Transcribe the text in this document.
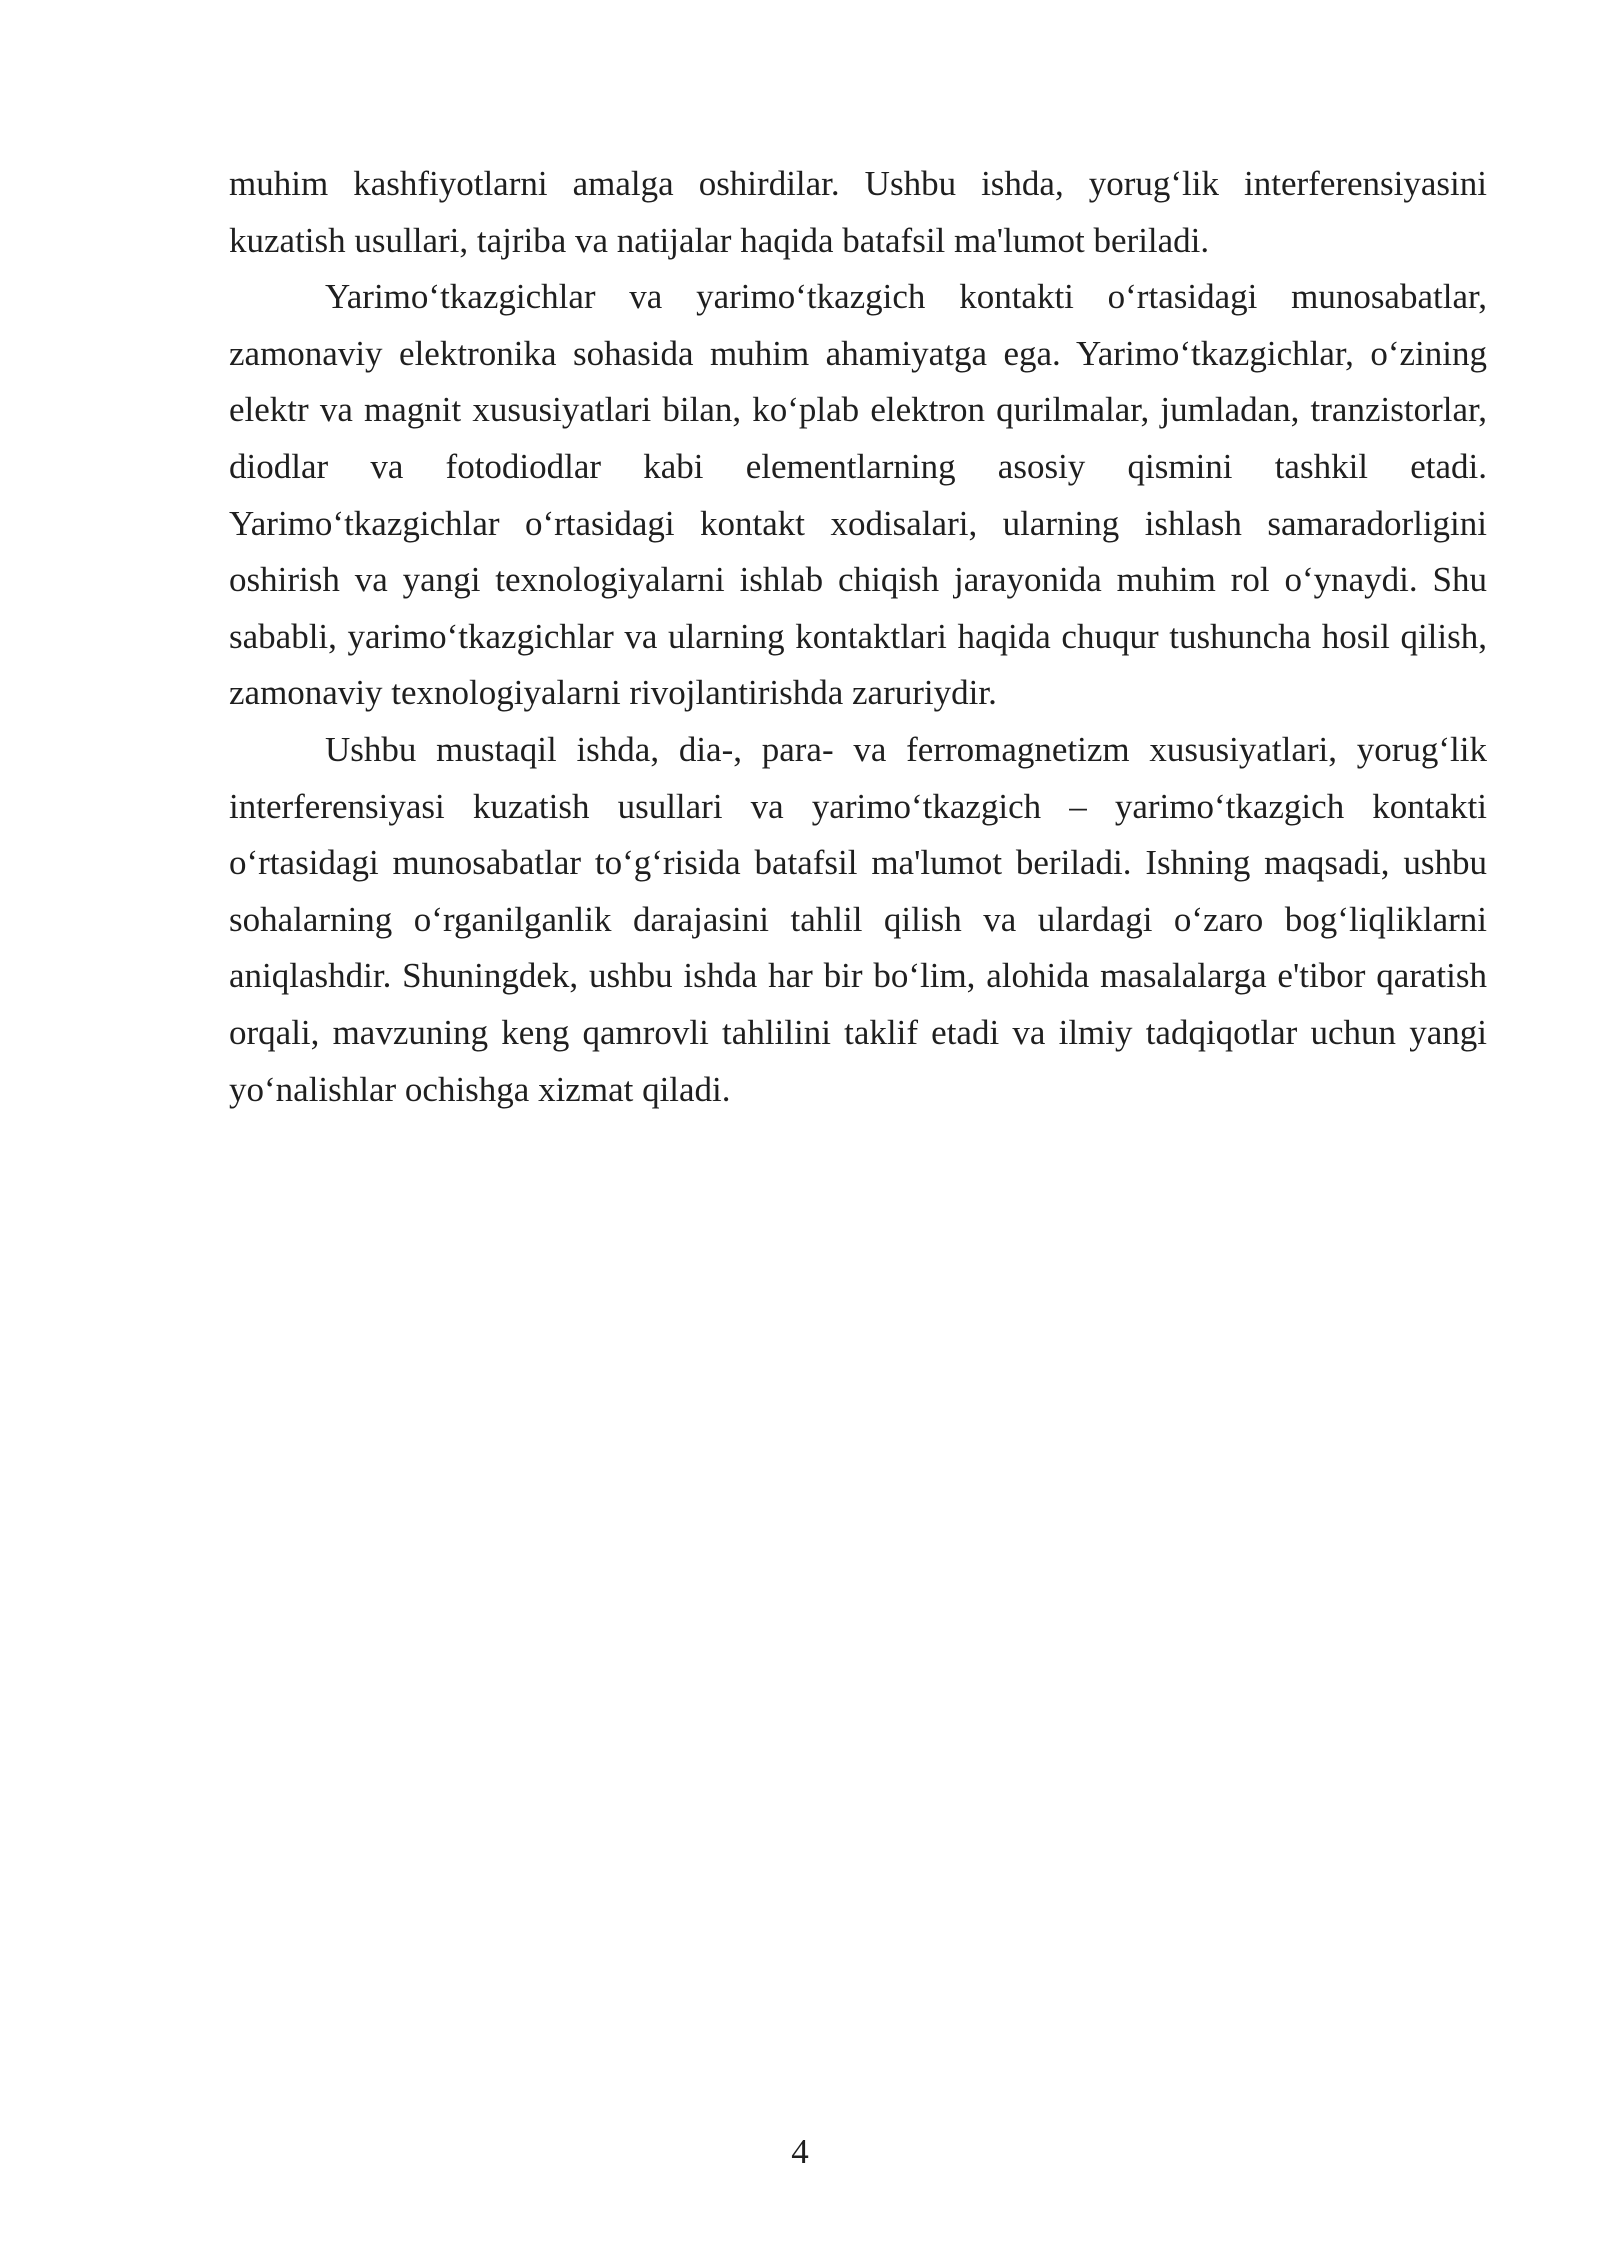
muhim kashfiyotlarni amalga oshirdilar. Ushbu ishda, yorug‘lik interferensiyasini kuzatish usullari, tajriba va natijalar haqida batafsil ma'lumot beriladi.

Yarimo‘tkazgichlar va yarimo‘tkazgich kontakti o‘rtasidagi munosabatlar, zamonaviy elektronika sohasida muhim ahamiyatga ega. Yarimo‘tkazgichlar, o‘zining elektr va magnit xususiyatlari bilan, ko‘plab elektron qurilmalar, jumladan, tranzistorlar, diodlar va fotodiodlar kabi elementlarning asosiy qismini tashkil etadi. Yarimo‘tkazgichlar o‘rtasidagi kontakt xodisalari, ularning ishlash samaradorligini oshirish va yangi texnologiyalarni ishlab chiqish jarayonida muhim rol o‘ynaydi. Shu sababli, yarimo‘tkazgichlar va ularning kontaktlari haqida chuqur tushuncha hosil qilish, zamonaviy texnologiyalarni rivojlantirishda zaruriydir.

Ushbu mustaqil ishda, dia-, para- va ferromagnetizm xususiyatlari, yorug‘lik interferensiyasi kuzatish usullari va yarimo‘tkazgich – yarimo‘tkazgich kontakti o‘rtasidagi munosabatlar to‘g‘risida batafsil ma'lumot beriladi. Ishning maqsadi, ushbu sohalarning o‘rganilganlik darajasini tahlil qilish va ulardagi o‘zaro bog‘liqliklarni aniqlashdir. Shuningdek, ushbu ishda har bir bo‘lim, alohida masalalarga e'tibor qaratish orqali, mavzuning keng qamrovli tahlilini taklif etadi va ilmiy tadqiqotlar uchun yangi yo‘nalishlar ochishga xizmat qiladi.

4
